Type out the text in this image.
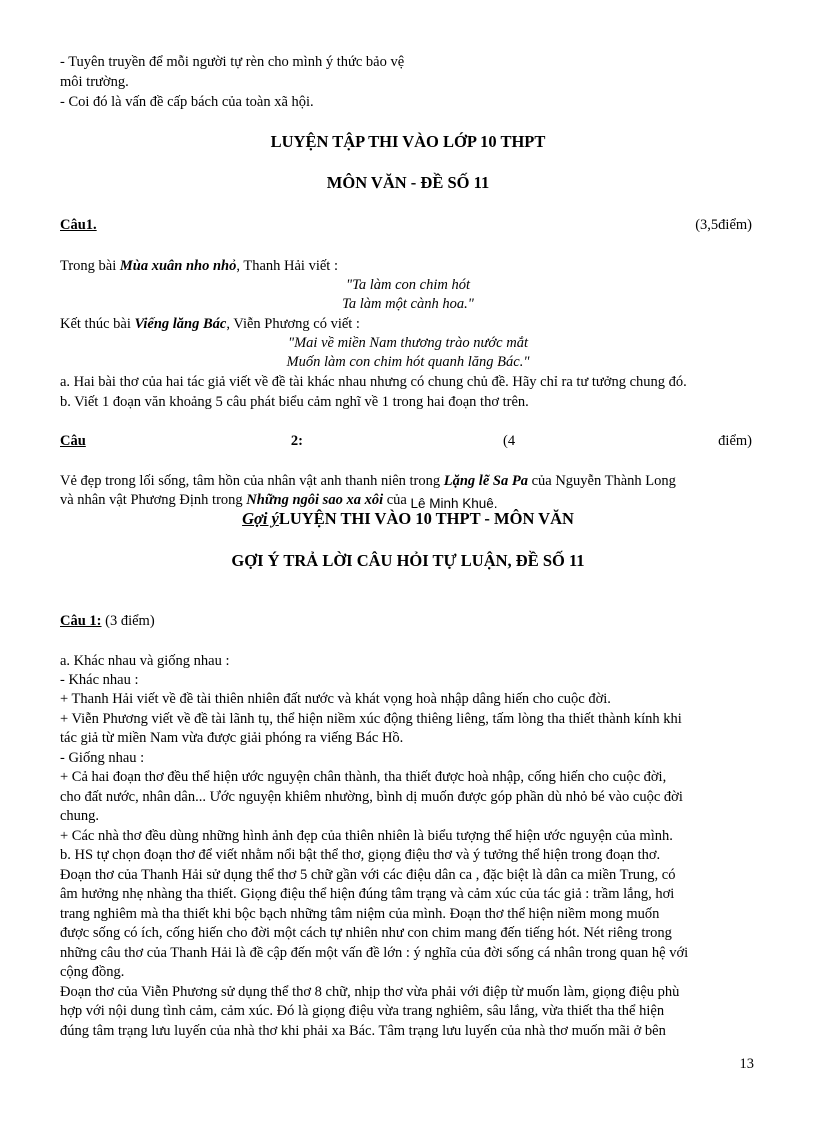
- Tuyên truyền để mỗi người tự rèn cho mình ý thức bảo vệ
môi trường.
- Coi đó là vấn đề cấp bách của toàn xã hội.
LUYỆN TẬP THI VÀO LỚP 10 THPT
MÔN VĂN - ĐỀ SỐ 11
Câu1.	(3,5điểm)
Trong bài Mùa xuân nho nhỏ, Thanh Hải viết :
"Ta làm con chim hót
Ta làm một cành hoa."
Kết thúc bài Viếng lăng Bác, Viễn Phương có viết :
"Mai về miền Nam thương trào nước mắt
Muốn làm con chim hót quanh lăng Bác."
a. Hai bài thơ của hai tác giả viết về đề tài khác nhau nhưng có chung chủ đề. Hãy chỉ ra tư tưởng chung đó.
b. Viết 1 đoạn văn khoảng 5 câu phát biểu cảm nghĩ về 1 trong hai đoạn thơ trên.
Câu	2:	(4	điểm)
Vẻ đẹp trong lối sống, tâm hồn của nhân vật anh thanh niên trong Lặng lẽ Sa Pa của Nguyễn Thành Long
và nhân vật Phương Định trong Những ngôi sao xa xôi của Lê Minh Khuê.
Gợi ýLUYỆN THI VÀO 10 THPT - MÔN VĂN
GỢI Ý TRẢ LỜI CÂU HỎI TỰ LUẬN, ĐỀ SỐ 11
Câu 1: (3 điểm)
a. Khác nhau và giống nhau :
- Khác nhau :
+ Thanh Hải viết về đề tài thiên nhiên đất nước và khát vọng hoà nhập dâng hiến cho cuộc đời.
+ Viễn Phương viết về đề tài lãnh tụ, thể hiện niềm xúc động thiêng liêng, tấm lòng tha thiết thành kính khi
tác giả từ miền Nam vừa được giải phóng ra viếng Bác Hồ.
- Giống nhau :
+ Cả hai đoạn thơ đều thể hiện ước nguyện chân thành, tha thiết được hoà nhập, cống hiến cho cuộc đời,
cho đất nước, nhân dân... Ước nguyện khiêm nhường, bình dị muốn được góp phần dù nhỏ bé vào cuộc đời
chung.
+ Các nhà thơ đều dùng những hình ảnh đẹp của thiên nhiên là biểu tượng thể hiện ước nguyện của mình.
b. HS tự chọn đoạn thơ để viết nhằm nổi bật thể thơ, giọng điệu thơ và ý tưởng thể hiện trong đoạn thơ.
Đoạn thơ của Thanh Hải sử dụng thể thơ 5 chữ gần với các điệu dân ca , đặc biệt là dân ca miền Trung, có
âm hưởng nhẹ nhàng tha thiết. Giọng điệu thể hiện đúng tâm trạng và cảm xúc của tác giả : trầm lắng, hơi
trang nghiêm mà tha thiết khi bộc bạch những tâm niệm của mình. Đoạn thơ thể hiện niềm mong muốn
được sống có ích, cống hiến cho đời một cách tự nhiên như con chim mang đến tiếng hót. Nét riêng trong
những câu thơ của Thanh Hải là đề cập đến một vấn đề lớn : ý nghĩa của đời sống cá nhân trong quan hệ với
cộng đồng.
Đoạn thơ của Viễn Phương sử dụng thể thơ 8 chữ, nhịp thơ vừa phải với điệp từ muốn làm, giọng điệu phù
hợp với nội dung tình cảm, cảm xúc. Đó là giọng điệu vừa trang nghiêm, sâu lắng, vừa thiết tha thể hiện
đúng tâm trạng lưu luyến của nhà thơ khi phải xa Bác. Tâm trạng lưu luyến của nhà thơ muốn mãi ở bên
13
